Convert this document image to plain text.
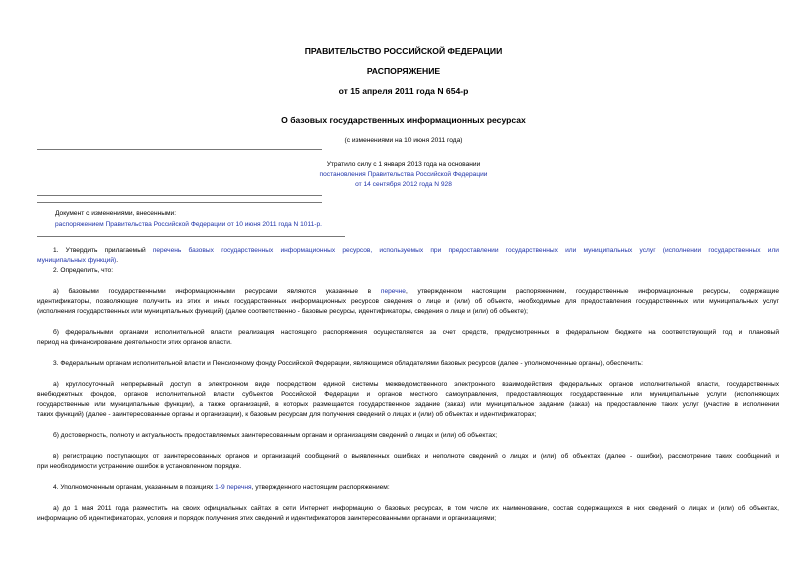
ПРАВИТЕЛЬСТВО РОССИЙСКОЙ ФЕДЕРАЦИИ
РАСПОРЯЖЕНИЕ
от 15 апреля 2011 года N 654-р
О базовых государственных информационных ресурсах
(с изменениями на 10 июня 2011 года)
Утратило силу с 1 января 2013 года на основании
постановления Правительства Российской Федерации
от 14 сентября 2012 года N 928
Документ с изменениями, внесенными:
распоряжением Правительства Российской Федерации от 10 июня 2011 года N 1011-р.
1. Утвердить прилагаемый перечень базовых государственных информационных ресурсов, используемых при предоставлении государственных или муниципальных услуг (исполнении государственных или
муниципальных функций).
2. Определить, что:
а) базовыми государственными информационными ресурсами являются указанные в перечне, утвержденном настоящим распоряжением, государственные информационные ресурсы, содержащие
идентификаторы, позволяющие получить из этих и иных государственных информационных ресурсов сведения о лице и (или) об объекте, необходимые для предоставления государственных или муниципальных услуг
(исполнения государственных или муниципальных функций) (далее соответственно - базовые ресурсы, идентификаторы, сведения о лице и (или) об объекте);
б) федеральными органами исполнительной власти реализация настоящего распоряжения осуществляется за счет средств, предусмотренных в федеральном бюджете на соответствующий год и плановый
период на финансирование деятельности этих органов власти.
3. Федеральным органам исполнительной власти и Пенсионному фонду Российской Федерации, являющимся обладателями базовых ресурсов (далее - уполномоченные органы), обеспечить:
а) круглосуточный непрерывный доступ в электронном виде посредством единой системы межведомственного электронного взаимодействия федеральных органов исполнительной власти, государственных
внебюджетных фондов, органов исполнительной власти субъектов Российской Федерации и органов местного самоуправления, предоставляющих государственные или муниципальные услуги (исполняющих
государственные или муниципальные функции), а также организаций, в которых размещается государственное задание (заказ) или муниципальное задание (заказ) на предоставление таких услуг (участие в исполнении
таких функций) (далее - заинтересованные органы и организации), к базовым ресурсам для получения сведений о лицах и (или) об объектах и идентификаторах;
б) достоверность, полноту и актуальность предоставляемых заинтересованным органам и организациям сведений о лицах и (или) об объектах;
в) регистрацию поступающих от заинтересованных органов и организаций сообщений о выявленных ошибках и неполноте сведений о лицах и (или) об объектах (далее - ошибки), рассмотрение таких сообщений и
при необходимости устранение ошибок в установленном порядке.
4. Уполномоченным органам, указанным в позициях 1-9 перечня, утвержденного настоящим распоряжением:
а) до 1 мая 2011 года разместить на своих официальных сайтах в сети Интернет информацию о базовых ресурсах, в том числе их наименование, состав содержащихся в них сведений о лицах и (или) об объектах,
информацию об идентификаторах, условия и порядок получения этих сведений и идентификаторов заинтересованными органами и организациями;
